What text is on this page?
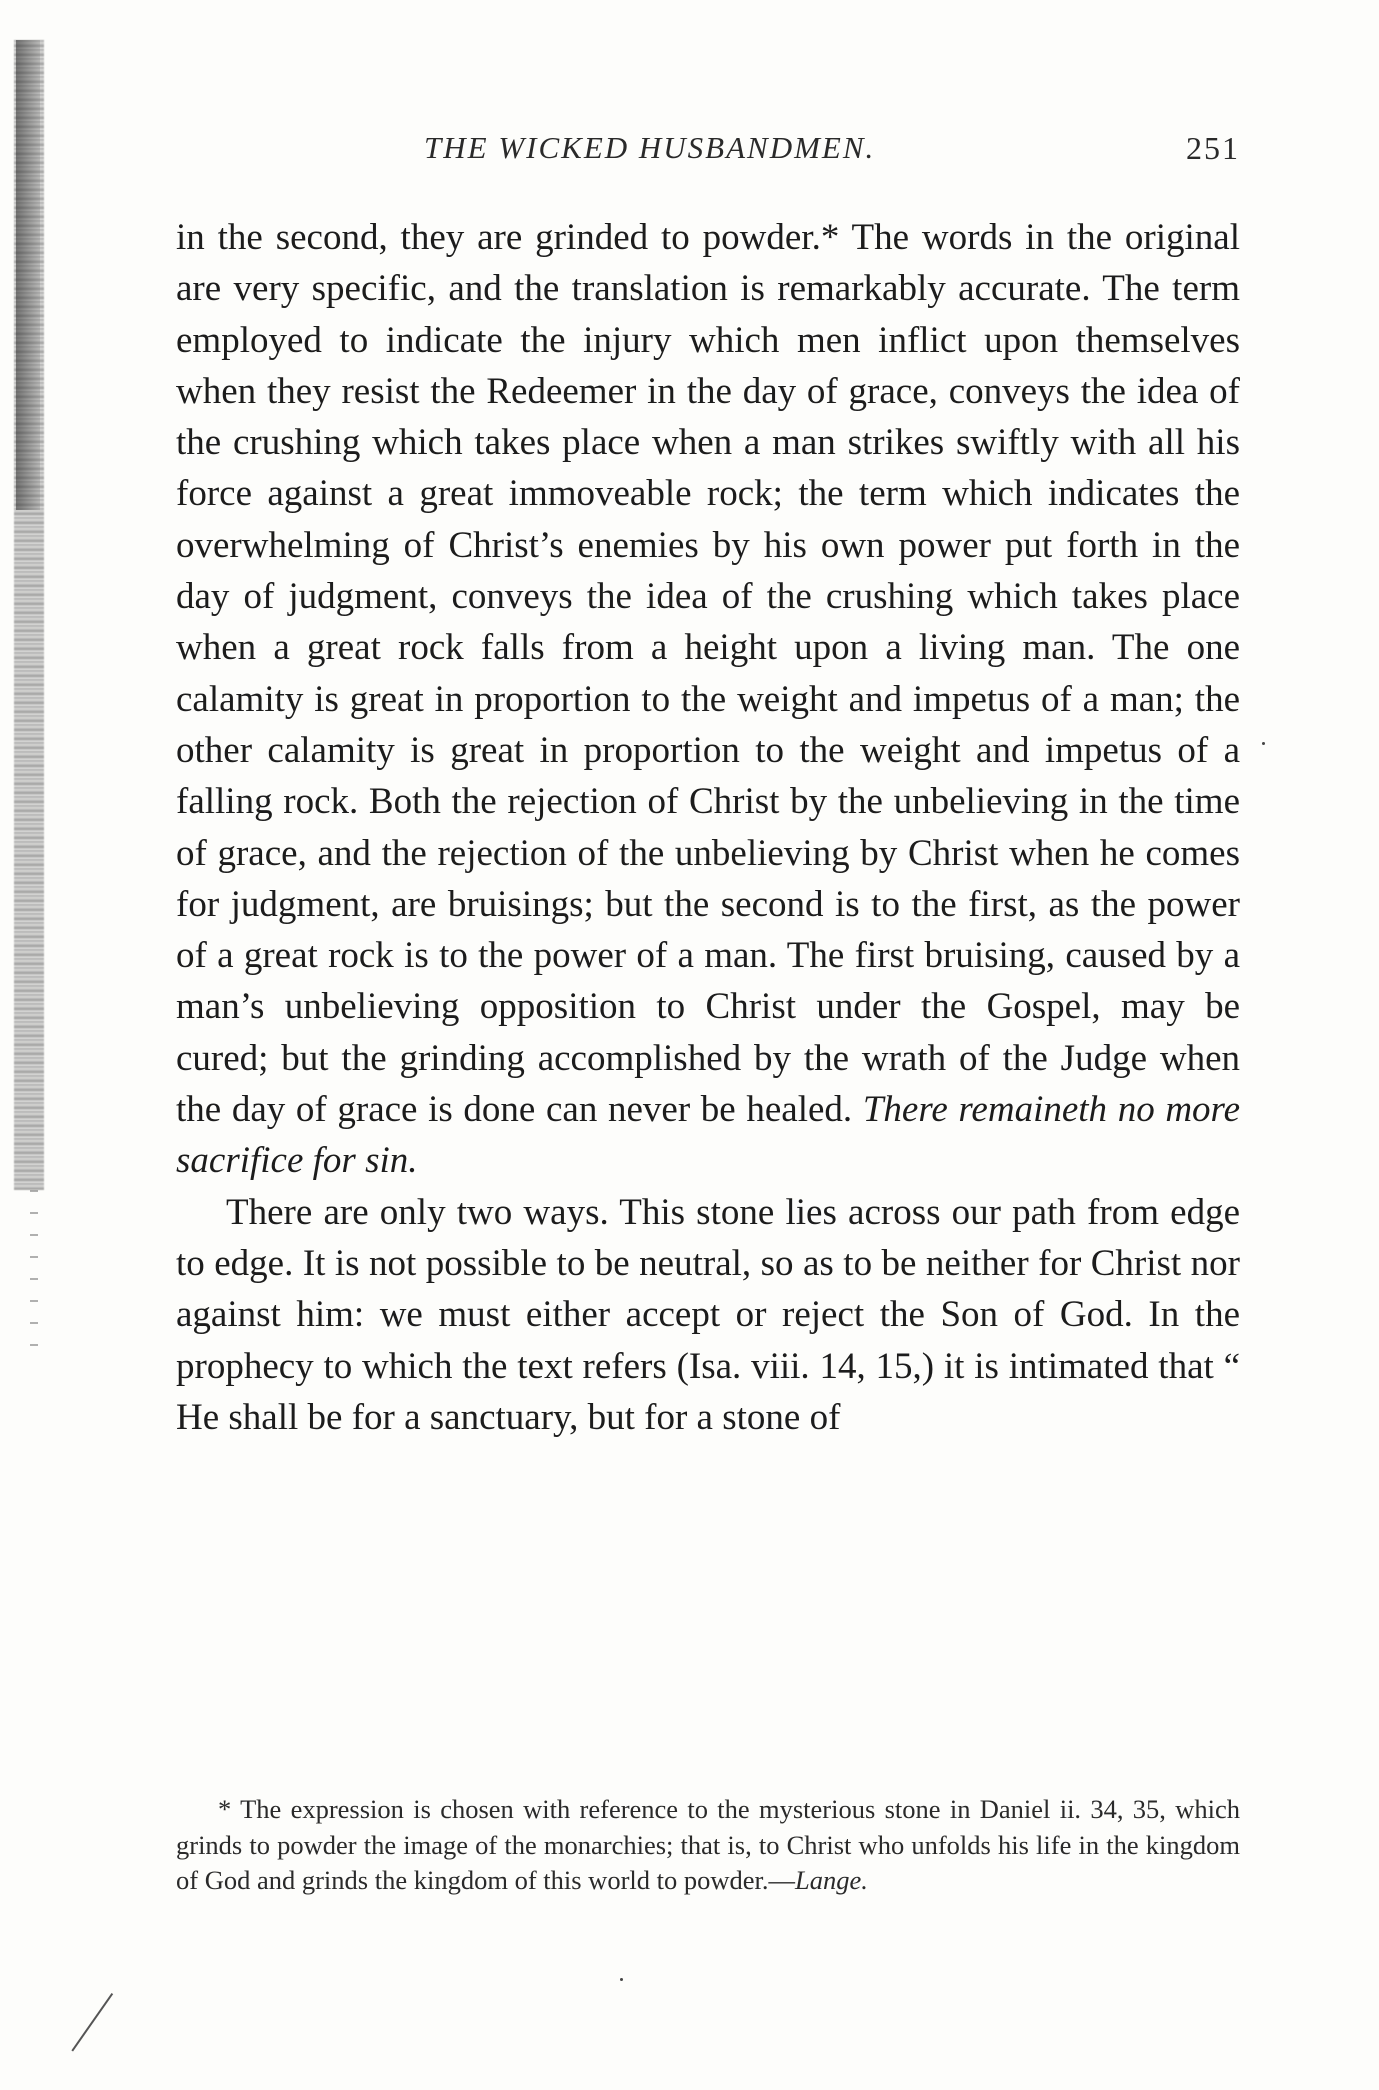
THE WICKED HUSBANDMEN.	251

in the second, they are grinded to powder.* The words in the original are very specific, and the translation is remarkably accurate. The term employed to indicate the injury which men inflict upon themselves when they resist the Redeemer in the day of grace, conveys the idea of the crushing which takes place when a man strikes swiftly with all his force against a great immoveable rock; the term which indicates the overwhelming of Christ’s enemies by his own power put forth in the day of judgment, conveys the idea of the crushing which takes place when a great rock falls from a height upon a living man. The one calamity is great in proportion to the weight and impetus of a man; the other calamity is great in proportion to the weight and impetus of a falling rock. Both the rejection of Christ by the unbelieving in the time of grace, and the rejection of the unbelieving by Christ when he comes for judgment, are bruisings; but the second is to the first, as the power of a great rock is to the power of a man. The first bruising, caused by a man’s unbelieving opposition to Christ under the Gospel, may be cured; but the grinding accomplished by the wrath of the Judge when the day of grace is done can never be healed. There remaineth no more sacrifice for sin.

There are only two ways. This stone lies across our path from edge to edge. It is not possible to be neutral, so as to be neither for Christ nor against him: we must either accept or reject the Son of God. In the prophecy to which the text refers (Isa. viii. 14, 15,) it is intimated that “ He shall be for a sanctuary, but for a stone of

* The expression is chosen with reference to the mysterious stone in Daniel ii. 34, 35, which grinds to powder the image of the monarchies; that is, to Christ who unfolds his life in the kingdom of God and grinds the kingdom of this world to powder.—Lange.
